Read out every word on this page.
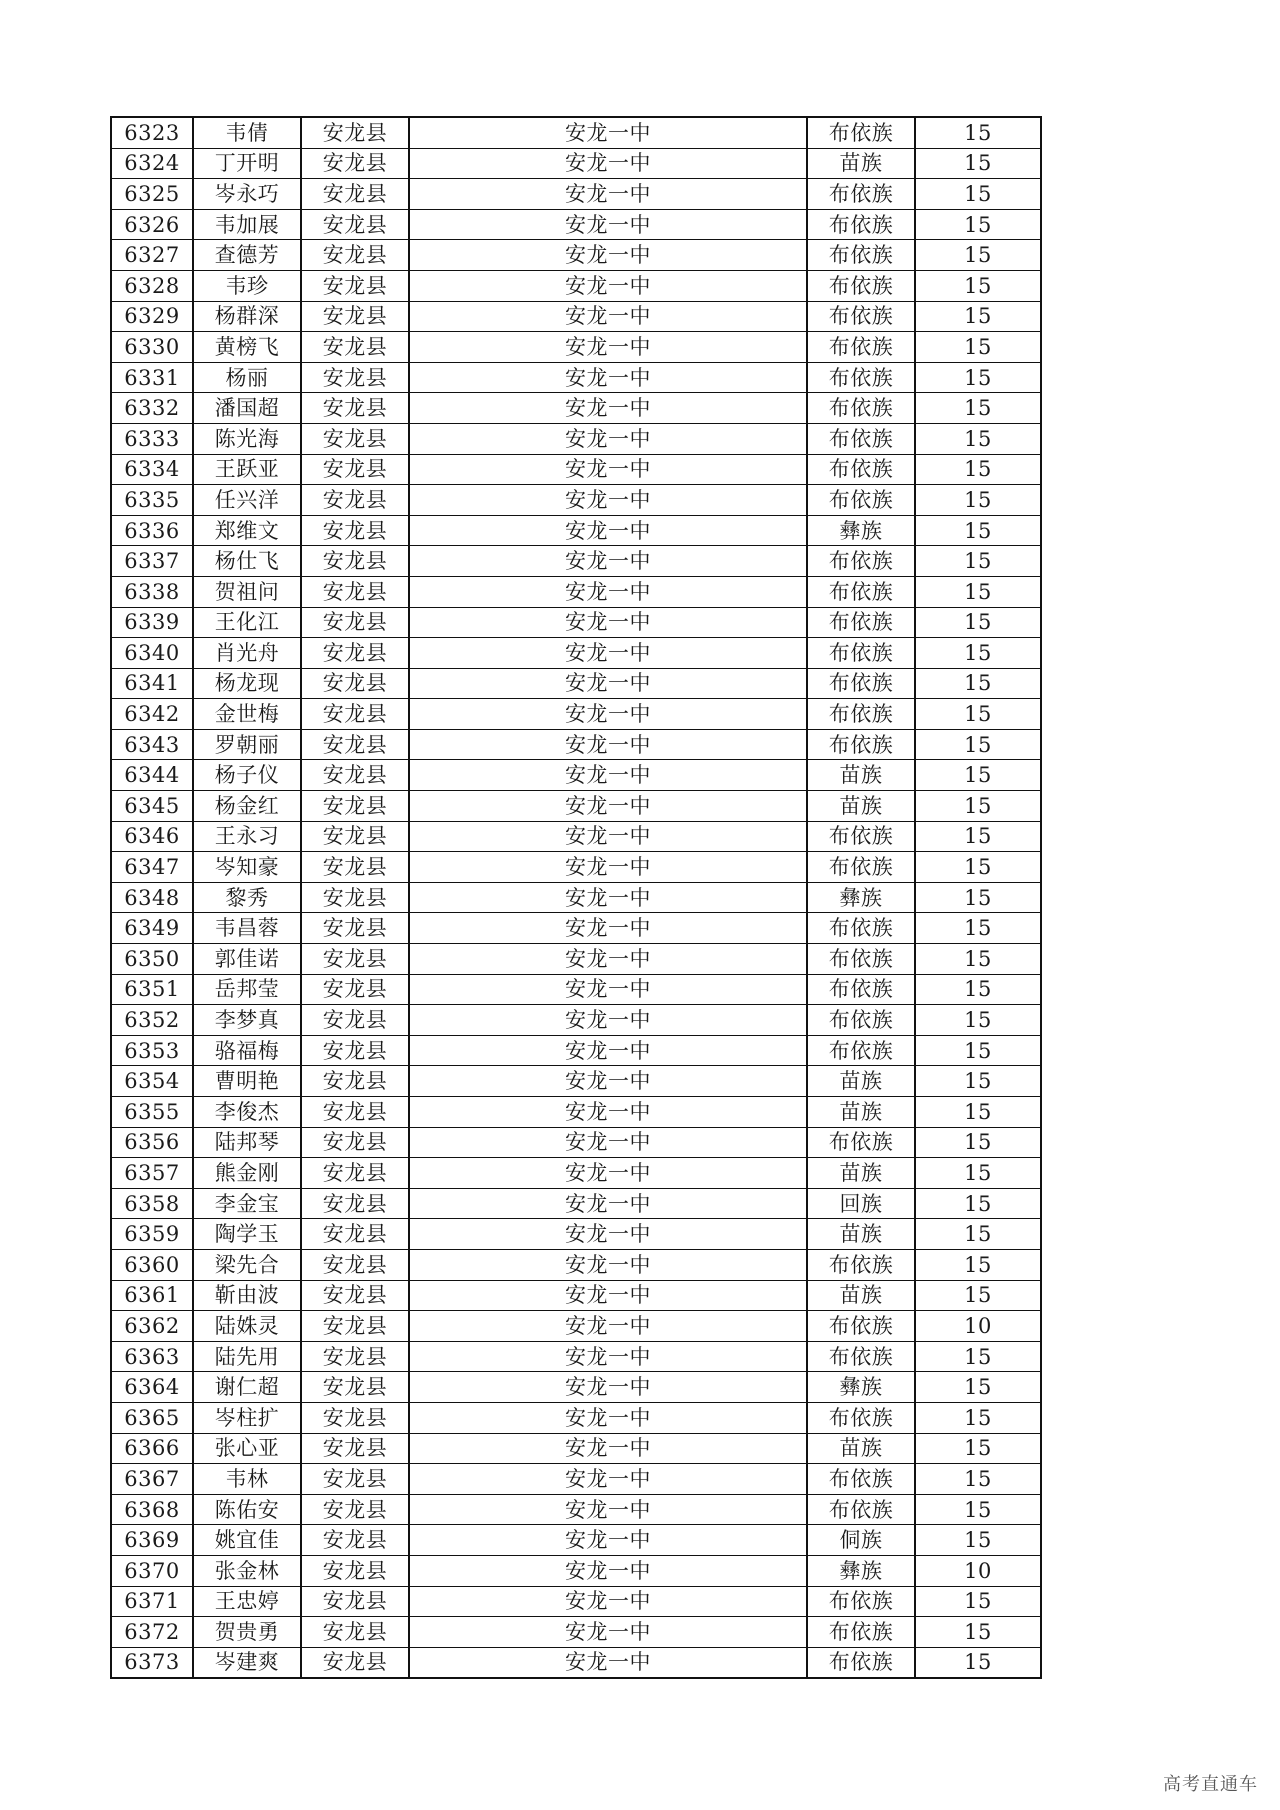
6323	韦倩	安龙县	安龙一中	布依族	15
6324	丁开明	安龙县	安龙一中	苗族	15
6325	岑永巧	安龙县	安龙一中	布依族	15
6326	韦加展	安龙县	安龙一中	布依族	15
6327	查德芳	安龙县	安龙一中	布依族	15
6328	韦珍	安龙县	安龙一中	布依族	15
6329	杨群深	安龙县	安龙一中	布依族	15
6330	黄榜飞	安龙县	安龙一中	布依族	15
6331	杨丽	安龙县	安龙一中	布依族	15
6332	潘国超	安龙县	安龙一中	布依族	15
6333	陈光海	安龙县	安龙一中	布依族	15
6334	王跃亚	安龙县	安龙一中	布依族	15
6335	任兴洋	安龙县	安龙一中	布依族	15
6336	郑维文	安龙县	安龙一中	彝族	15
6337	杨仕飞	安龙县	安龙一中	布依族	15
6338	贺祖问	安龙县	安龙一中	布依族	15
6339	王化江	安龙县	安龙一中	布依族	15
6340	肖光舟	安龙县	安龙一中	布依族	15
6341	杨龙现	安龙县	安龙一中	布依族	15
6342	金世梅	安龙县	安龙一中	布依族	15
6343	罗朝丽	安龙县	安龙一中	布依族	15
6344	杨子仪	安龙县	安龙一中	苗族	15
6345	杨金红	安龙县	安龙一中	苗族	15
6346	王永习	安龙县	安龙一中	布依族	15
6347	岑知豪	安龙县	安龙一中	布依族	15
6348	黎秀	安龙县	安龙一中	彝族	15
6349	韦昌蓉	安龙县	安龙一中	布依族	15
6350	郭佳诺	安龙县	安龙一中	布依族	15
6351	岳邦莹	安龙县	安龙一中	布依族	15
6352	李梦真	安龙县	安龙一中	布依族	15
6353	骆福梅	安龙县	安龙一中	布依族	15
6354	曹明艳	安龙县	安龙一中	苗族	15
6355	李俊杰	安龙县	安龙一中	苗族	15
6356	陆邦琴	安龙县	安龙一中	布依族	15
6357	熊金刚	安龙县	安龙一中	苗族	15
6358	李金宝	安龙县	安龙一中	回族	15
6359	陶学玉	安龙县	安龙一中	苗族	15
6360	梁先合	安龙县	安龙一中	布依族	15
6361	靳由波	安龙县	安龙一中	苗族	15
6362	陆姝灵	安龙县	安龙一中	布依族	10
6363	陆先用	安龙县	安龙一中	布依族	15
6364	谢仁超	安龙县	安龙一中	彝族	15
6365	岑柱扩	安龙县	安龙一中	布依族	15
6366	张心亚	安龙县	安龙一中	苗族	15
6367	韦林	安龙县	安龙一中	布依族	15
6368	陈佑安	安龙县	安龙一中	布依族	15
6369	姚宜佳	安龙县	安龙一中	侗族	15
6370	张金林	安龙县	安龙一中	彝族	10
6371	王忠婷	安龙县	安龙一中	布依族	15
6372	贺贵勇	安龙县	安龙一中	布依族	15
6373	岑建爽	安龙县	安龙一中	布依族	15
高考直通车
